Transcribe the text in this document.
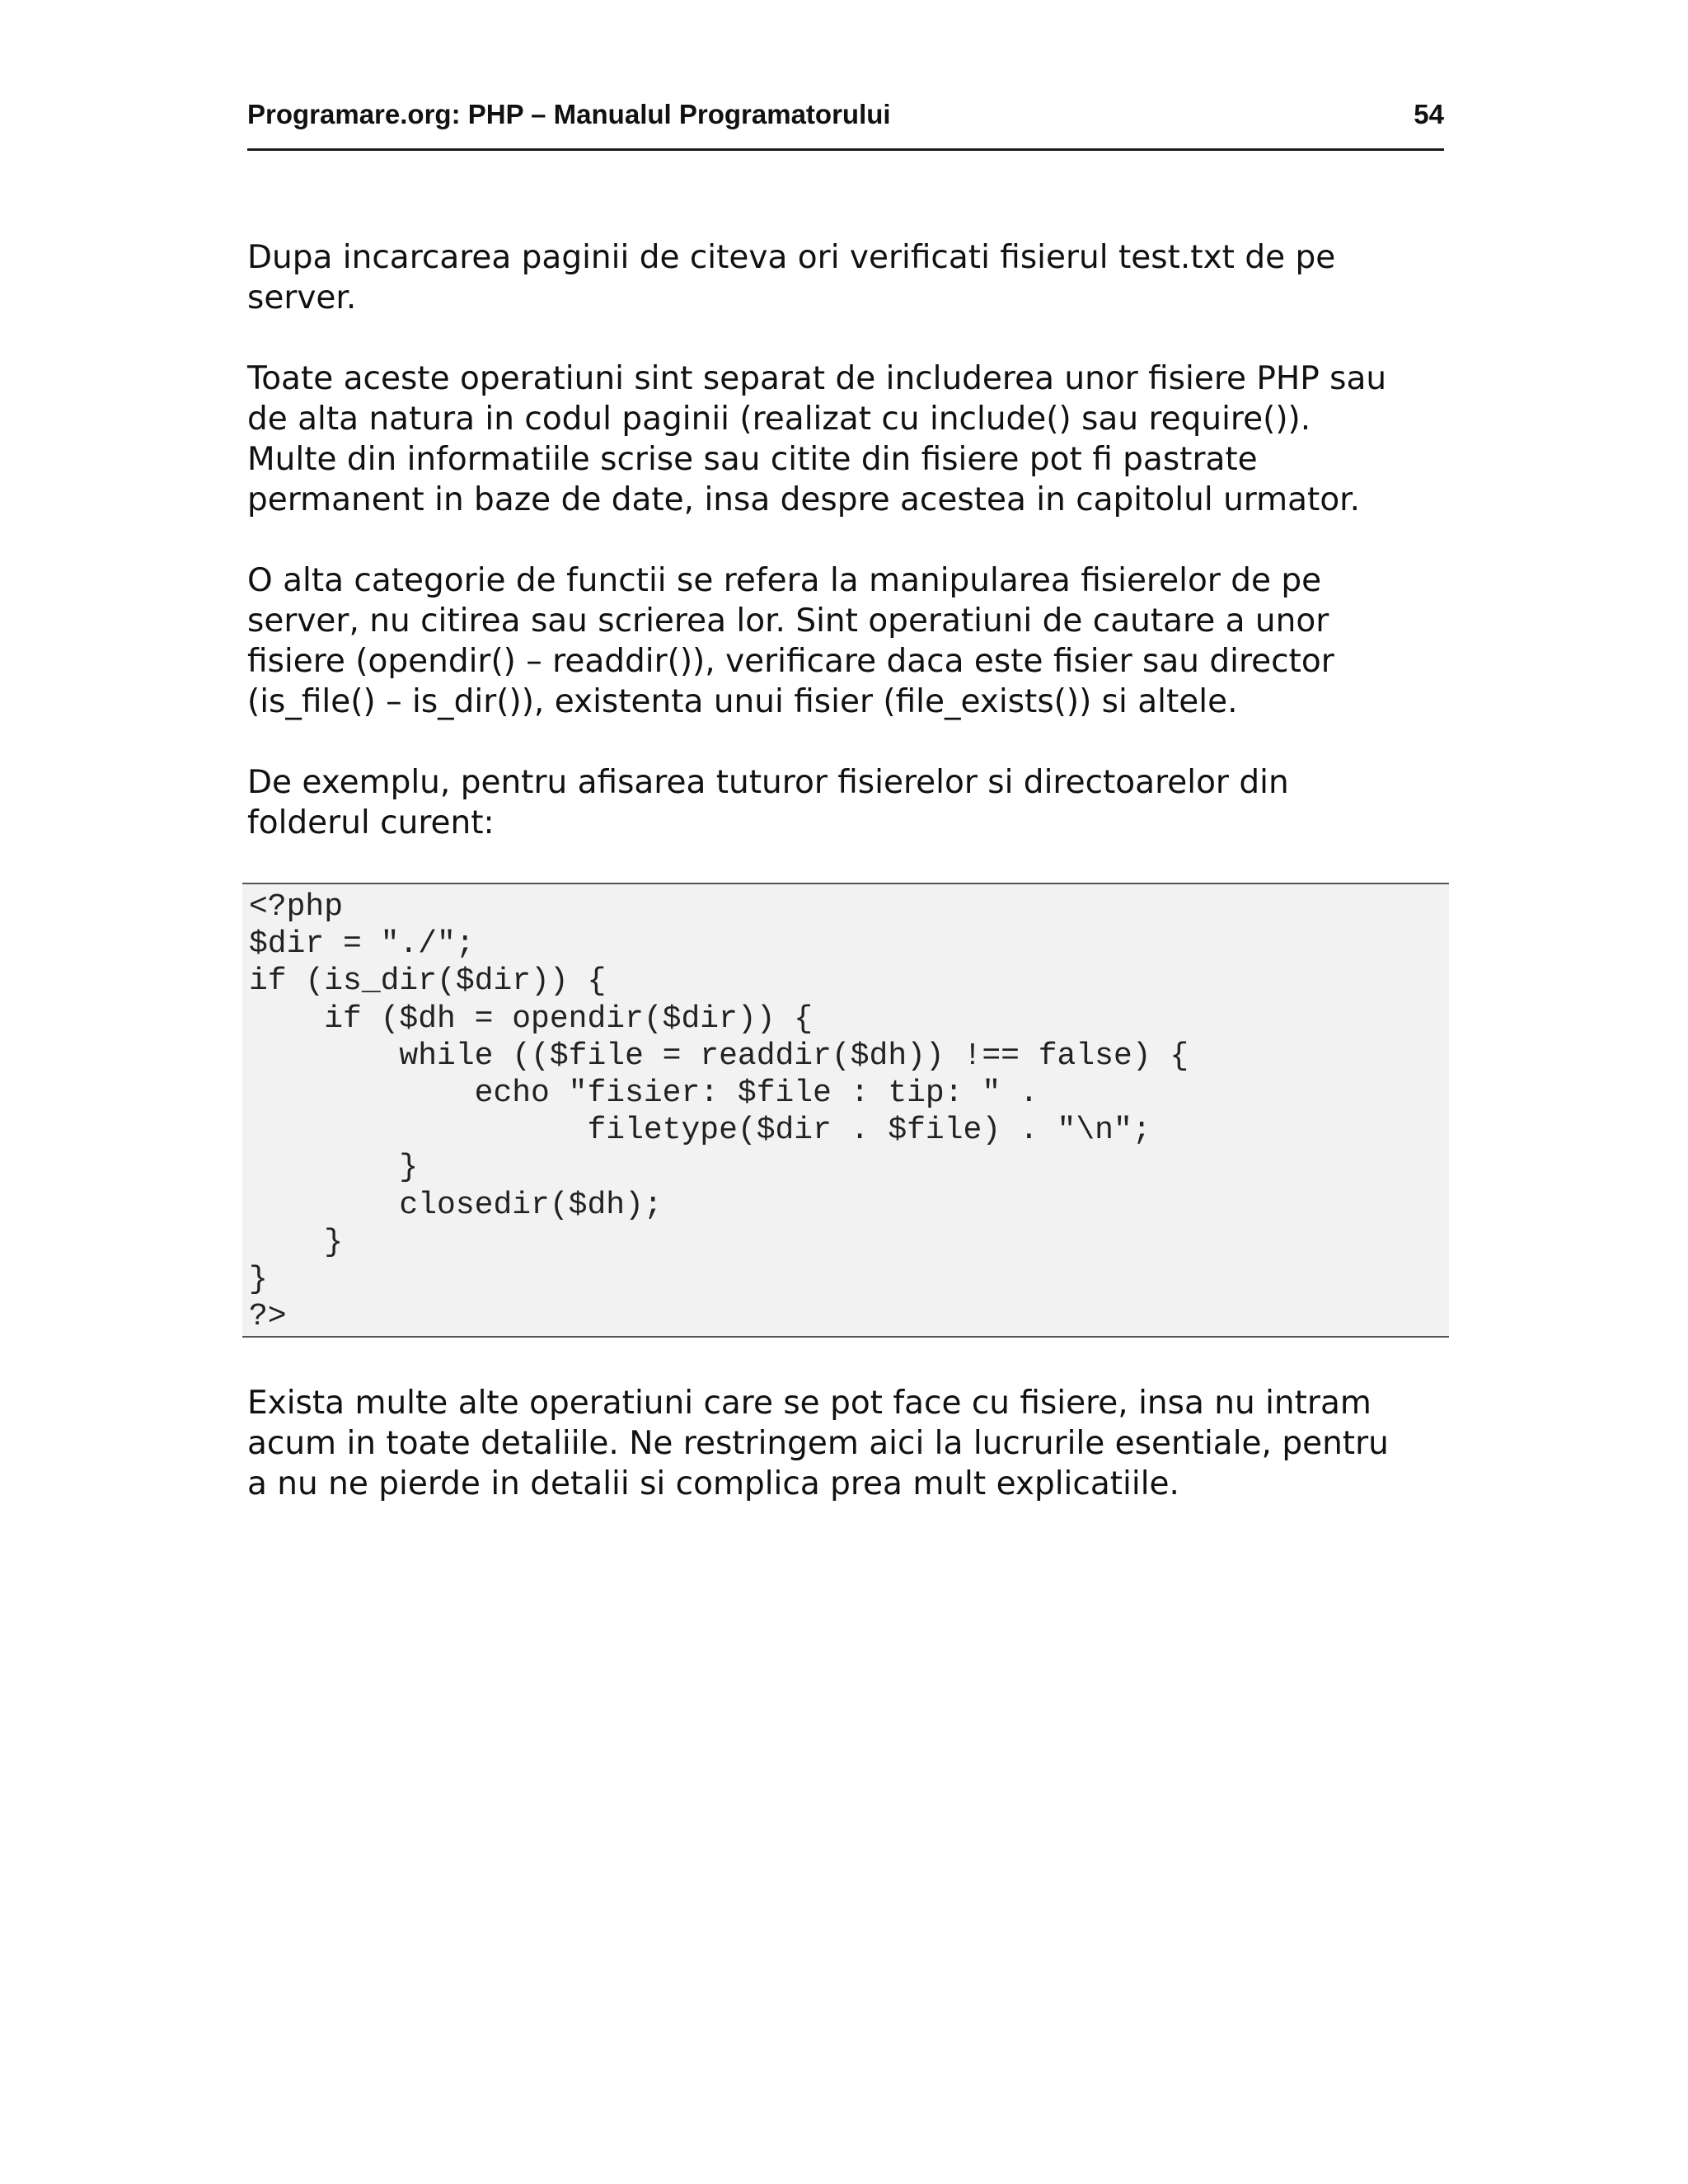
Programare.org: PHP – Manualul Programatorului	54

Dupa incarcarea paginii de citeva ori verificati fisierul test.txt de pe
server.

Toate aceste operatiuni sint separat de includerea unor fisiere PHP sau
de alta natura in codul paginii (realizat cu include() sau require()).
Multe din informatiile scrise sau citite din fisiere pot fi pastrate
permanent in baze de date, insa despre acestea in capitolul urmator.

O alta categorie de functii se refera la manipularea fisierelor de pe
server, nu citirea sau scrierea lor. Sint operatiuni de cautare a unor
fisiere (opendir() – readdir()), verificare daca este fisier sau director
(is_file() – is_dir()), existenta unui fisier (file_exists()) si altele.

De exemplu, pentru afisarea tuturor fisierelor si directoarelor din
folderul curent:

<?php
$dir = "./";
if (is_dir($dir)) {
if ($dh = opendir($dir)) {
while (($file = readdir($dh)) !== false) {
echo "fisier: $file : tip: " .
filetype($dir . $file) . "\n";
}
closedir($dh);
}
}
?>

Exista multe alte operatiuni care se pot face cu fisiere, insa nu intram
acum in toate detaliile. Ne restringem aici la lucrurile esentiale, pentru
a nu ne pierde in detalii si complica prea mult explicatiile.
